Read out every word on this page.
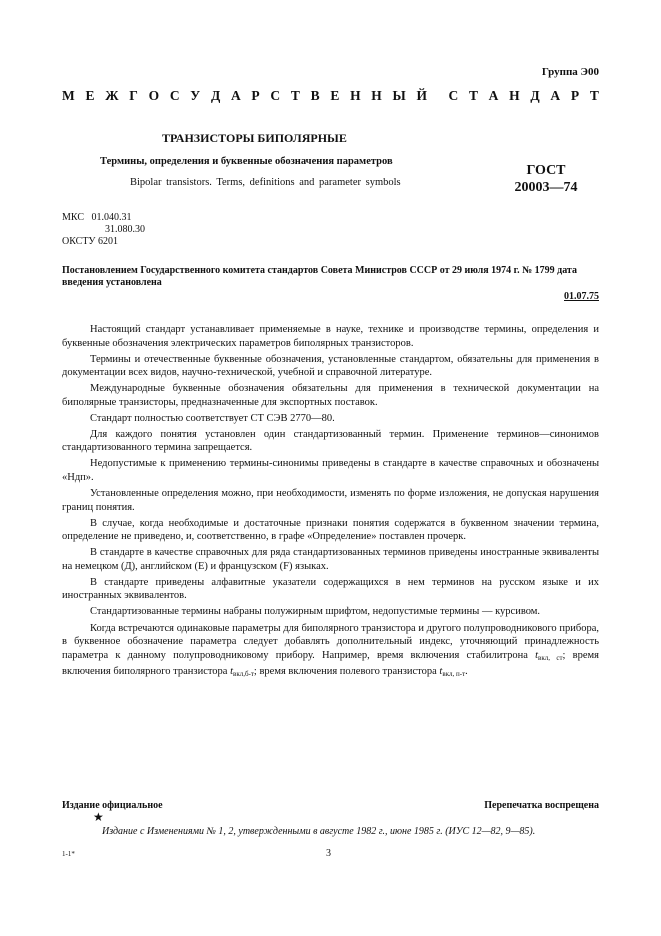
Группа Э00
М Е Ж Г О С У Д А Р С Т В Е Н Н Ы Й С Т А Н Д А Р Т
ТРАНЗИСТОРЫ БИПОЛЯРНЫЕ
Термины, определения и буквенные обозначения параметров
Bipolar transistors. Terms, definitions and parameter symbols
ГОСТ
20003—74
МКС 01.040.31
31.080.30
ОКСТУ 6201
Постановлением Государственного комитета стандартов Совета Министров СССР от 29 июля 1974 г. № 1799 дата введения установлена
01.07.75

Настоящий стандарт устанавливает применяемые в науке, технике и производстве термины, определения и буквенные обозначения электрических параметров биполярных транзисторов.

Термины и отечественные буквенные обозначения, установленные стандартом, обязательны для применения в документации всех видов, научно-технической, учебной и справочной литературе.

Международные буквенные обозначения обязательны для применения в технической документации на биполярные транзисторы, предназначенные для экспортных поставок.

Стандарт полностью соответствует СТ СЭВ 2770—80.

Для каждого понятия установлен один стандартизованный термин. Применение терминов—синонимов стандартизованного термина запрещается.

Недопустимые к применению термины-синонимы приведены в стандарте в качестве справочных и обозначены «Ндп».

Установленные определения можно, при необходимости, изменять по форме изложения, не допуская нарушения границ понятия.

В случае, когда необходимые и достаточные признаки понятия содержатся в буквенном значении термина, определение не приведено, и, соответственно, в графе «Определение» поставлен прочерк.

В стандарте в качестве справочных для ряда стандартизованных терминов приведены иностранные эквиваленты на немецком (Д), английском (Е) и французском (F) языках.

В стандарте приведены алфавитные указатели содержащихся в нем терминов на русском языке и их иностранных эквивалентов.

Стандартизованные термины набраны полужирным шрифтом, недопустимые термины — курсивом.

Когда встречаются одинаковые параметры для биполярного транзистора и другого полупроводникового прибора, в буквенное обозначение параметра следует добавлять дополнительный индекс, уточняющий принадлежность параметра к данному полупроводниковому прибору. Например, время включения стабилитрона $t_{вкл, ст}$; время включения биполярного транзистора $t_{вкл,б-т}$; время включения полевого транзистора $t_{вкл, п-т}$.

Издание официальное	Перепечатка воспрещена
★
Издание с Изменениями № 1, 2, утвержденными в августе 1982 г., июне 1985 г. (ИУС 12—82, 9—85).
1-1*	3
